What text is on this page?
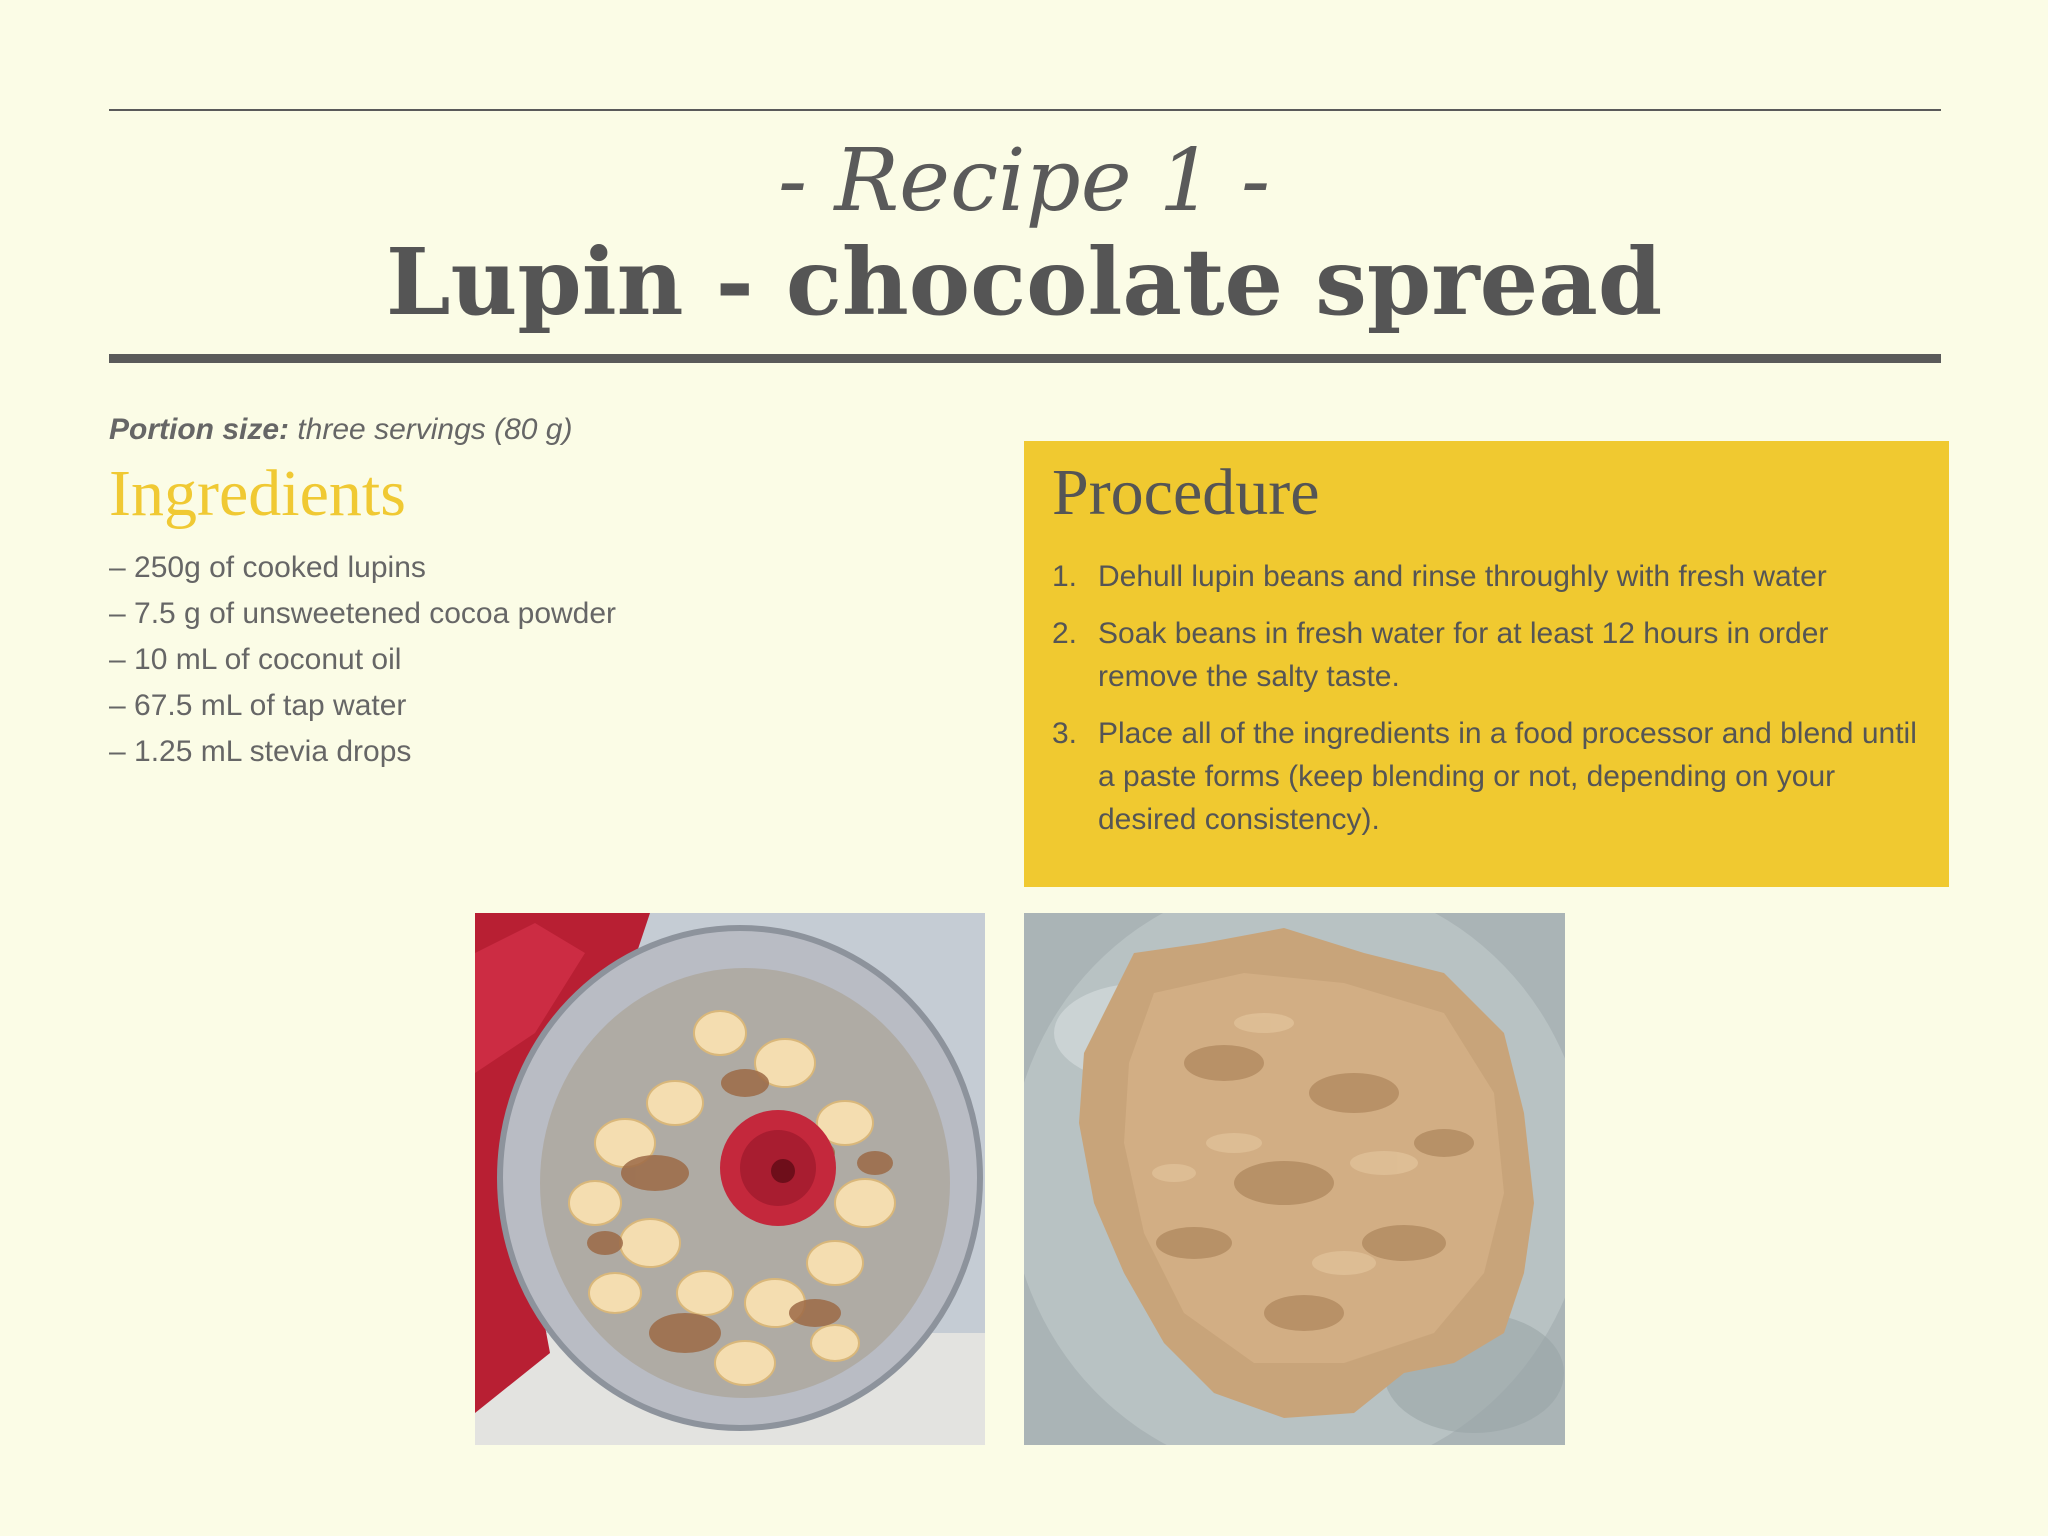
- Recipe 1 -
Lupin - chocolate spread
Portion size: three servings (80 g)
Ingredients
– 250g of cooked lupins
– 7.5 g of unsweetened cocoa powder
– 10 mL of coconut oil
– 67.5 mL of tap water
– 1.25 mL stevia drops
Procedure
1. Dehull lupin beans and rinse throughly with fresh water
2. Soak beans in fresh water for at least 12 hours in order remove the salty taste.
3. Place all of the ingredients in a food processor and blend until a paste forms (keep blending or not, depending on your desired consistency).
